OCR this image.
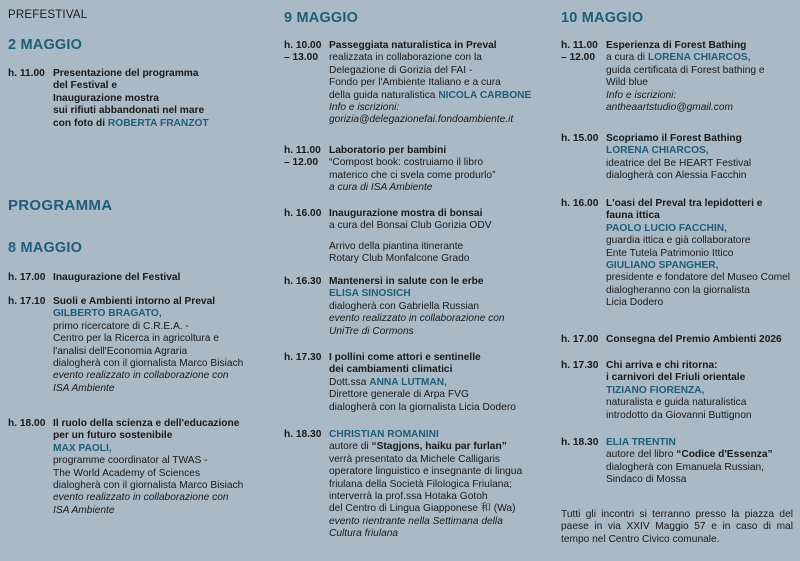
PREFESTIVAL
2 MAGGIO
h. 11.00 Presentazione del programma
del Festival e
Inaugurazione mostra
sui rifiuti abbandonati nel mare
con foto di ROBERTA FRANZOT
PROGRAMMA
8 MAGGIO
h. 17.00 Inaugurazione del Festival
h. 17.10 Suoli e Ambienti intorno al Preval
GILBERTO BRAGATO,
primo ricercatore di C.R.E.A. -
Centro per la Ricerca in agricoltura e
l'analisi dell'Economia Agraria
dialogherà con il giornalista Marco Bisiach
evento realizzato in collaborazione con
ISA Ambiente
h. 18.00 Il ruolo della scienza e dell'educazione
per un futuro sostenibile
MAX PAOLI,
programme coordinator al TWAS -
The World Academy of Sciences
dialogherà con il giornalista Marco Bisiach
evento realizzato in collaborazione con
ISA Ambiente
9 MAGGIO
h. 10.00
– 13.00
Passeggiata naturalistica in Preval
realizzata in collaborazione con la
Delegazione di Gorizia del FAI -
Fondo per l'Ambiente Italiano e a cura
della guida naturalistica NICOLA CARBONE
Info e iscrizioni:
gorizia@delegazionefai.fondoambiente.it
h. 11.00
– 12.00
Laboratorio per bambini
“Compost book: costruiamo il libro
materico che ci svela come produrlo”
a cura di ISA Ambiente
h. 16.00 Inaugurazione mostra di bonsai
a cura del Bonsai Club Gorizia ODV
Arrivo della piantina itinerante
Rotary Club Monfalcone Grado
h. 16.30 Mantenersi in salute con le erbe
ELISA SINOSICH
dialogherà con Gabriella Russian
evento realizzato in collaborazione con
UniTre di Cormons
h. 17.30 I pollini come attori e sentinelle
dei cambiamenti climatici
Dott.ssa ANNA LUTMAN,
Direttore generale di Arpa FVG
dialogherà con la giornalista Licia Dodero
h. 18.30 CHRISTIAN ROMANINI
autore di “Stagjons, haiku par furlan”
verrà presentato da Michele Calligaris
operatore linguistico e insegnante di lingua
friulana della Società Filologica Friulana;
interverrà la prof.ssa Hotaka Gotoh
del Centro di Lingua Giapponese 和 (Wa)
evento rientrante nella Settimana della
Cultura friulana
10 MAGGIO
h. 11.00
– 12.00
Esperienza di Forest Bathing
a cura di LORENA CHIARCOS,
guida certificata di Forest bathing e
Wild blue
Info e iscrizioni:
antheaartstudio@gmail.com
h. 15.00 Scopriamo il Forest Bathing
LORENA CHIARCOS,
ideatrice del Be HEART Festival
dialogherà con Alessia Facchin
h. 16.00 L'oasi del Preval tra lepidotteri e
fauna ittica
PAOLO LUCIO FACCHIN,
guardia ittica e già collaboratore
Ente Tutela Patrimonio Ittico
GIULIANO SPANGHER,
presidente e fondatore del Museo Comel
dialogheranno con la giornalista
Licia Dodero
h. 17.00 Consegna del Premio Ambienti 2026
h. 17.30 Chi arriva e chi ritorna:
i carnivori del Friuli orientale
TIZIANO FIORENZA,
naturalista e guida naturalistica
introdotto da Giovanni Buttignon
h. 18.30 ELIA TRENTIN
autore del libro “Codice d'Essenza”
dialogherà con Emanuela Russian,
Sindaco di Mossa
Tutti gli incontri si terranno presso la piazza del paese in via XXIV Maggio 57 e in caso di mal tempo nel Centro Civico comunale.
